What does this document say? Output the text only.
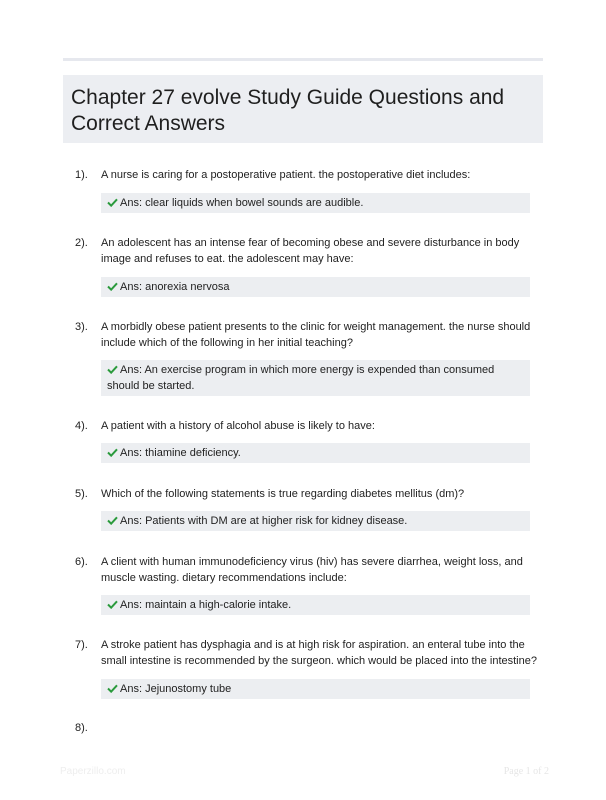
Chapter 27 evolve Study Guide Questions and Correct Answers
1). A nurse is caring for a postoperative patient. the postoperative diet includes:
Ans: clear liquids when bowel sounds are audible.
2). An adolescent has an intense fear of becoming obese and severe disturbance in body image and refuses to eat. the adolescent may have:
Ans: anorexia nervosa
3). A morbidly obese patient presents to the clinic for weight management. the nurse should include which of the following in her initial teaching?
Ans: An exercise program in which more energy is expended than consumed should be started.
4). A patient with a history of alcohol abuse is likely to have:
Ans: thiamine deficiency.
5). Which of the following statements is true regarding diabetes mellitus (dm)?
Ans: Patients with DM are at higher risk for kidney disease.
6). A client with human immunodeficiency virus (hiv) has severe diarrhea, weight loss, and muscle wasting. dietary recommendations include:
Ans: maintain a high-calorie intake.
7). A stroke patient has dysphagia and is at high risk for aspiration. an enteral tube into the small intestine is recommended by the surgeon. which would be placed into the intestine?
Ans: Jejunostomy tube
8).
Paperzillo.com	Page 1 of 2
